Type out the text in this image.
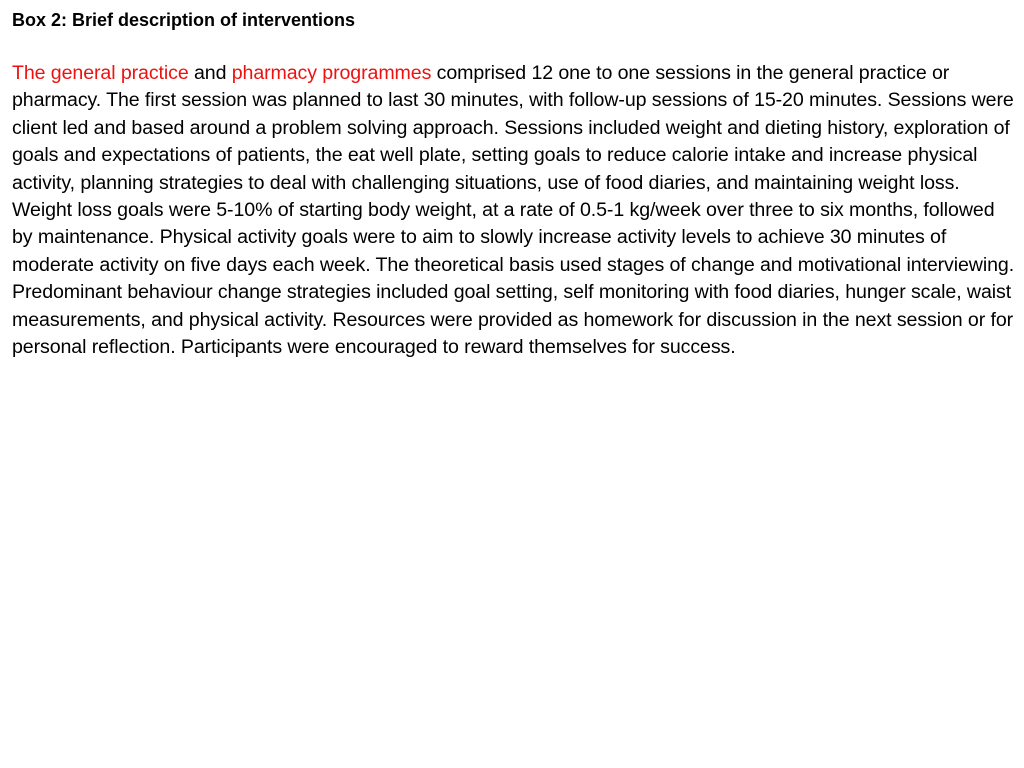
Box 2: Brief description of interventions

The general practice and pharmacy programmes comprised 12 one to one sessions in the general practice or pharmacy. The first session was planned to last 30 minutes, with follow-up sessions of 15-20 minutes. Sessions were client led and based around a problem solving approach. Sessions included weight and dieting history, exploration of goals and expectations of patients, the eat well plate, setting goals to reduce calorie intake and increase physical activity, planning strategies to deal with challenging situations, use of food diaries, and maintaining weight loss. Weight loss goals were 5-10% of starting body weight, at a rate of 0.5-1 kg/week over three to six months, followed by maintenance. Physical activity goals were to aim to slowly increase activity levels to achieve 30 minutes of moderate activity on five days each week. The theoretical basis used stages of change and motivational interviewing. Predominant behaviour change strategies included goal setting, self monitoring with food diaries, hunger scale, waist measurements, and physical activity. Resources were provided as homework for discussion in the next session or for personal reflection. Participants were encouraged to reward themselves for success.
